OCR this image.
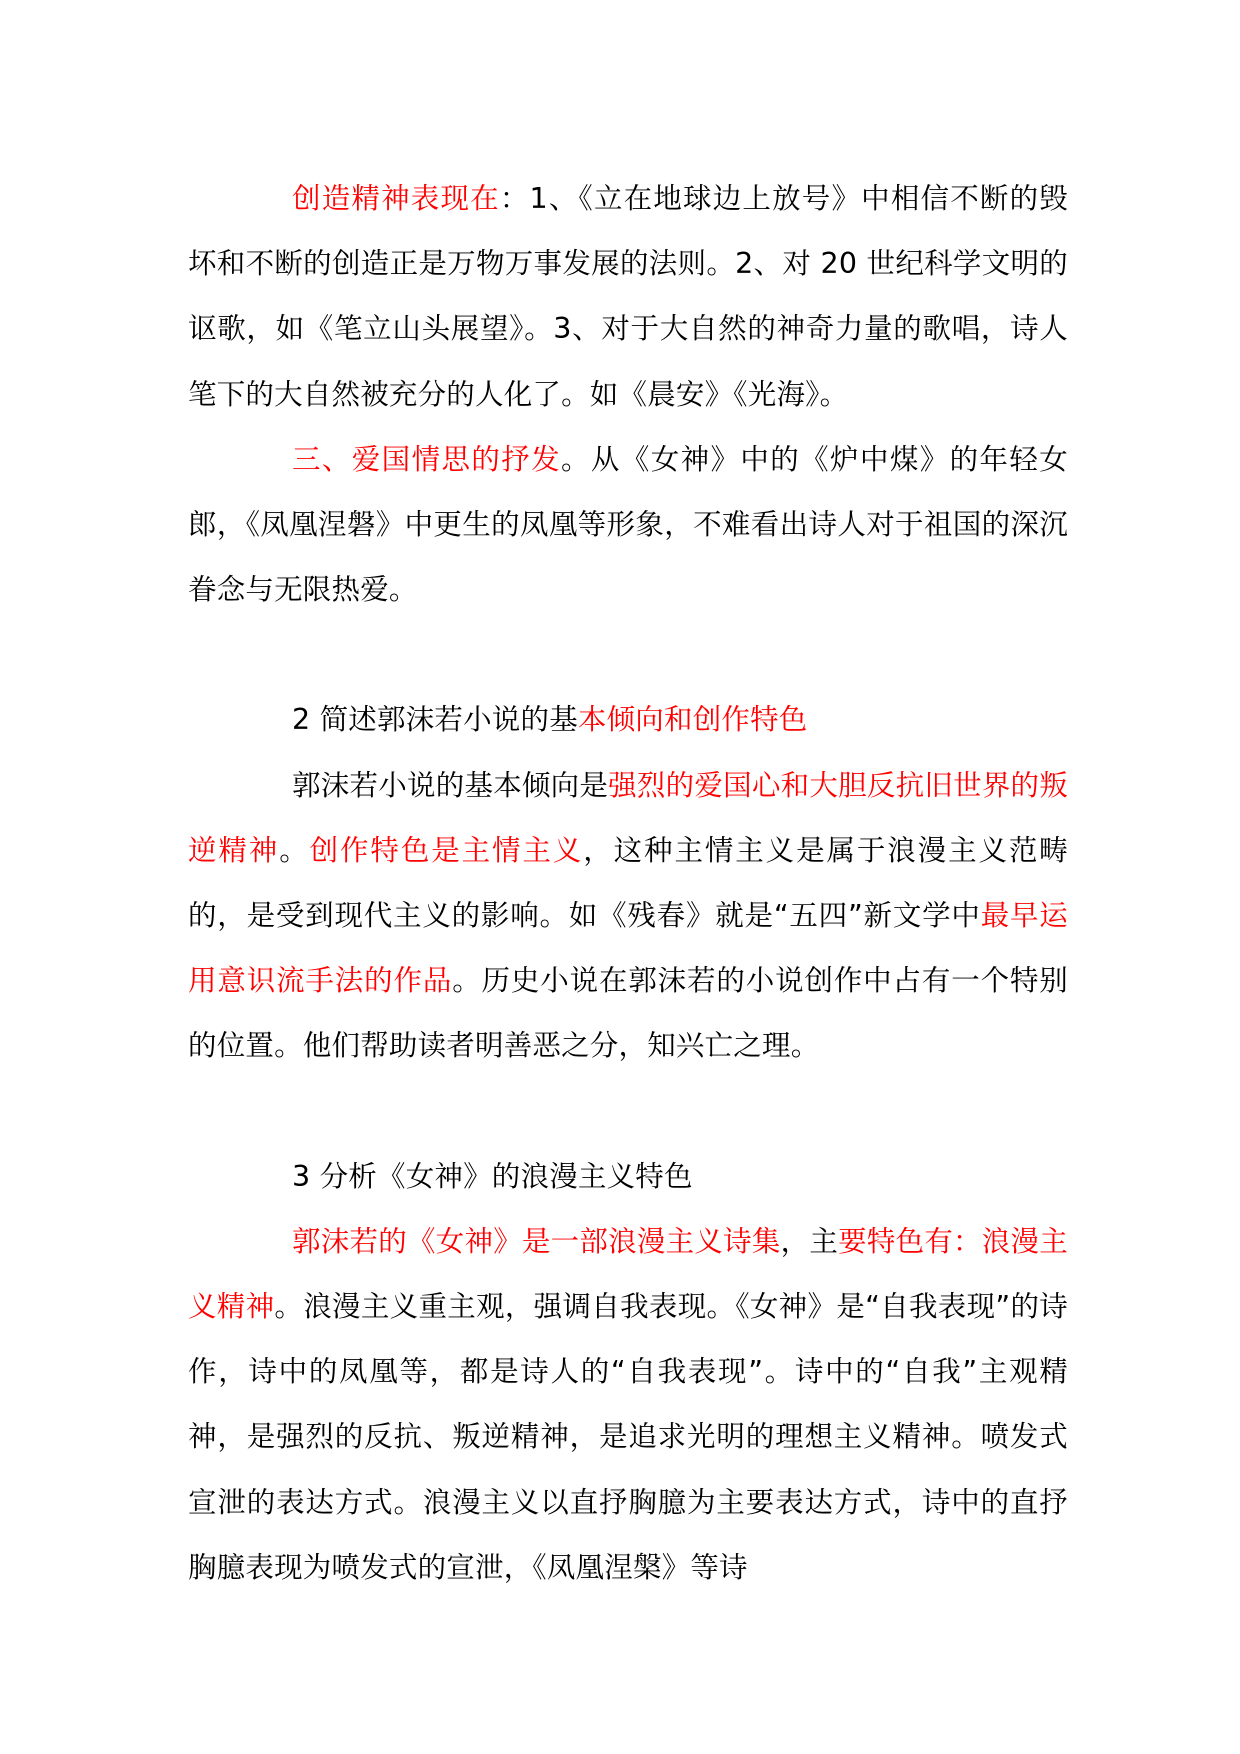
创造精神表现在：1、《立在地球边上放号》中相信不断的毁坏和不断的创造正是万物万事发展的法则。2、对 20 世纪科学文明的讴歌，如《笔立山头展望》。3、对于大自然的神奇力量的歌唱，诗人笔下的大自然被充分的人化了。如《晨安》《光海》。

三、爱国情思的抒发。从《女神》中的《炉中煤》的年轻女郎，《凤凰涅磐》中更生的凤凰等形象，不难看出诗人对于祖国的深沉眷念与无限热爱。

2 简述郭沫若小说的基本倾向和创作特色

郭沫若小说的基本倾向是强烈的爱国心和大胆反抗旧世界的叛逆精神。创作特色是主情主义，这种主情主义是属于浪漫主义范畴的，是受到现代主义的影响。如《残春》就是“五四”新文学中最早运用意识流手法的作品。历史小说在郭沫若的小说创作中占有一个特别的位置。他们帮助读者明善恶之分，知兴亡之理。

3 分析《女神》的浪漫主义特色

郭沫若的《女神》是一部浪漫主义诗集，主要特色有：浪漫主义精神。浪漫主义重主观，强调自我表现。《女神》是“自我表现”的诗作，诗中的凤凰等，都是诗人的“自我表现”。诗中的“自我”主观精神，是强烈的反抗、叛逆精神，是追求光明的理想主义精神。喷发式宣泄的表达方式。浪漫主义以直抒胸臆为主要表达方式，诗中的直抒胸臆表现为喷发式的宣泄，《凤凰涅槃》等诗
